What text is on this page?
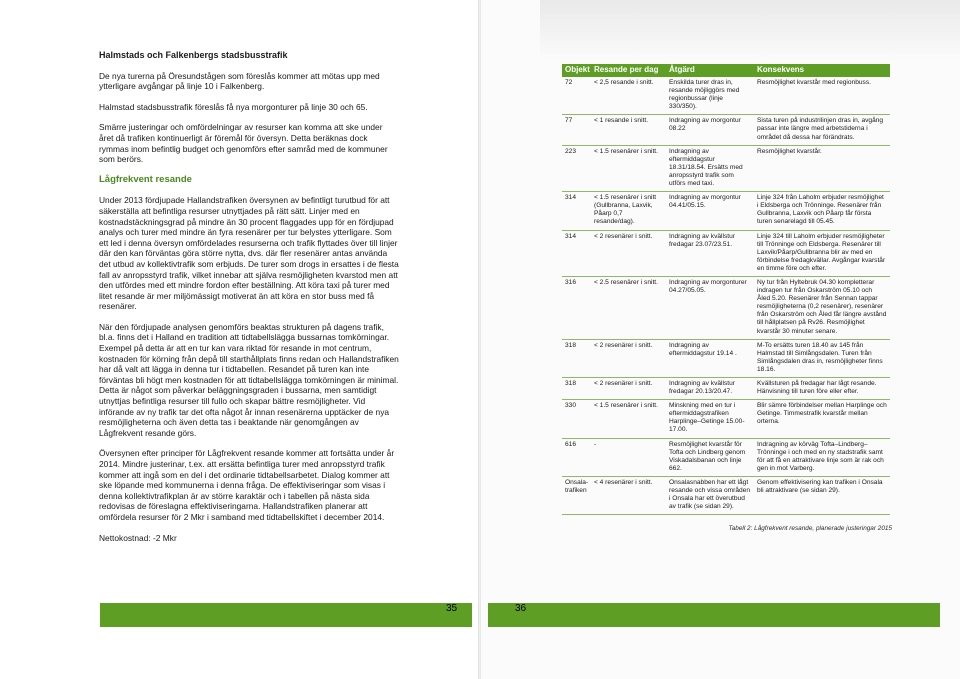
Halmstads och Falkenbergs stadsbusstrafik

De nya turerna på Öresundstågen som föreslås kommer att mötas upp med ytterligare avgångar på linje 10 i Falkenberg.

Halmstad stadsbusstrafik föreslås få nya morgonturer på linje 30 och 65.

Smärre justeringar och omfördelningar av resurser kan komma att ske under året då trafiken kontinuerligt är föremål för översyn. Detta beräknas dock rymmas inom befintlig budget och genomförs efter samråd med de kommuner som berörs.

Lågfrekvent resande

Under 2013 fördjupade Hallandstrafiken översynen av befintligt turutbud för att säkerställa att befintliga resurser utnyttjades på rätt sätt. Linjer med en kostnadstäckningsgrad på mindre än 30 procent flaggades upp för en fördjupad analys och turer med mindre än fyra resenärer per tur belystes ytterligare. Som ett led i denna översyn omfördelades resurserna och trafik flyttades över till linjer där den kan förväntas göra större nytta, dvs. där fler resenärer antas använda det utbud av kollektivtrafik som erbjuds. De turer som drogs in ersattes i de flesta fall av anropsstyrd trafik, vilket innebar att själva resmöjligheten kvarstod men att den utfördes med ett mindre fordon efter beställning. Att köra taxi på turer med litet resande är mer miljömässigt motiverat än att köra en stor buss med få resenärer.

När den fördjupade analysen genomförs beaktas strukturen på dagens trafik, bl.a. finns det i Halland en tradition att tidtabellsläggа bussarnas tomkörningar. Exempel på detta är att en tur kan vara riktad för resande in mot centrum, kostnaden för körning från depå till starthållplats finns redan och Hallandstrafiken har då valt att lägga in denna tur i tidtabellen. Resandet på turen kan inte förväntas bli högt men kostnaden för att tidtabellslägga tomkörningen är minimal. Detta är något som påverkar beläggningsgraden i bussarna, men samtidigt utnyttjas befintliga resurser till fullo och skapar bättre resmöjligheter. Vid införande av ny trafik tar det ofta något år innan resenärerna upptäcker de nya resmöjligheterna och även detta tas i beaktande när genomgången av Lågfrekvent resande görs.

Översynen efter principer för Lågfrekvent resande kommer att fortsätta under år 2014. Mindre justerinar, t.ex. att ersätta befintliga turer med anropsstyrd trafik kommer att ingå som en del i det ordinarie tidtabellsarbetet. Dialog kommer att ske löpande med kommunerna i denna fråga. De effektiviseringar som visas i denna kollektivtrafikplan är av större karaktär och i tabellen på nästa sida redovisas de föreslagna effektiviseringarna. Hallandstrafiken planerar att omfördela resurser för 2 Mkr i samband med tidtabellskiftet i december 2014.

Nettokostnad: -2 Mkr

Objekt	Resande per dag	Åtgärd	Konsekvens
72	< 2,5 resande i snitt.	Enskilda turer dras in, resande möjliggörs med regionbussar (linje 330/350).	Resmöjlighet kvarstår med regionbuss.
77	< 1 resande i snitt.	Indragning av morgontur 08.22	Sista turen på industrilinjen dras in, avgång passar inte längre med arbetstiderna i området då dessa har förändrats.
223	< 1.5 resenärer i snitt.	Indragning av eftermiddagstur 18.31/18.54. Ersätts med anropsstyrd trafik som utförs med taxi.	Resmöjlighet kvarstår.
314	< 1.5 resenärer i snitt (Gullbranna, Laxvik, Påarp 0,7 resande/dag).	Indragning av morgontur 04.41/05.15.	Linje 324 från Laholm erbjuder resmöjlighet i Eldsberga och Trönninge. Resenärer från Gullbranna, Laxvik och Påarp får första turen senarelagd till 05.45.
314	< 2 resenärer i snitt.	Indragning av kvällstur fredagar 23.07/23.51.	Linje 324 till Laholm erbjuder resmöjligheter till Trönninge och Eldsberga. Resenärer till Laxvik/Påarp/Gullbranna blir av med en förbindelse fredagkvällar. Avgångar kvarstår en timme före och efter.
316	< 2.5 resenärer i snitt.	Indragning av morgonturer 04.27/05.05.	Ny tur från Hyltebruk 04.30 kompletterar indragen tur från Oskarström 05.10 och Åled 5.20. Resenärer från Sennan tappar resmöjligheterna (0,2 resenärer), resenärer från Oskarström och Åled får längre avstånd till hållplatsen på Rv26. Resmöjlighet kvarstår 30 minuter senare.
318	< 2 resenärer i snitt.	Indragning av eftermiddagstur 19.14 .	M-To ersätts turen 18.40 av 145 från Halmstad till Simlångsdalen. Turen från Simlångsdalen dras in, resmöjligheter finns 18.16.
318	< 2 resenärer i snitt.	Indragning av kvällstur fredagar 20.13/20.47.	Kvällsturen på fredagar har lågt resande. Hänvisning till turen före eller efter.
330	< 1.5 resenärer i snitt.	Minskning med en tur i eftermiddagstrafiken Harplinge–Getinge 15.00-17.00.	Blir sämre förbindelser mellan Harplinge och Getinge. Timmestrafik kvarstår mellan orterna.
616	-	Resmöjlighet kvarstår för Tofta och Lindberg genom Viskadalsbanan och linje 662.	Indragning av körväg Tofta–Lindberg–Trönninge i och med en ny stadstrafik samt för att få en attraktivare linje som är rak och gen in mot Varberg.
Onsala-trafiken	< 4 resenärer i snitt.	Onsalasnabben har ett lågt resande och vissa områden i Onsala har ett överutbud av trafik (se sidan 29).	Genom effektivisering kan trafiken i Onsala bli attraktivare (se sidan 29).
Tabell 2: Lågfrekvent resande, planerade justeringar 2015
35	36
